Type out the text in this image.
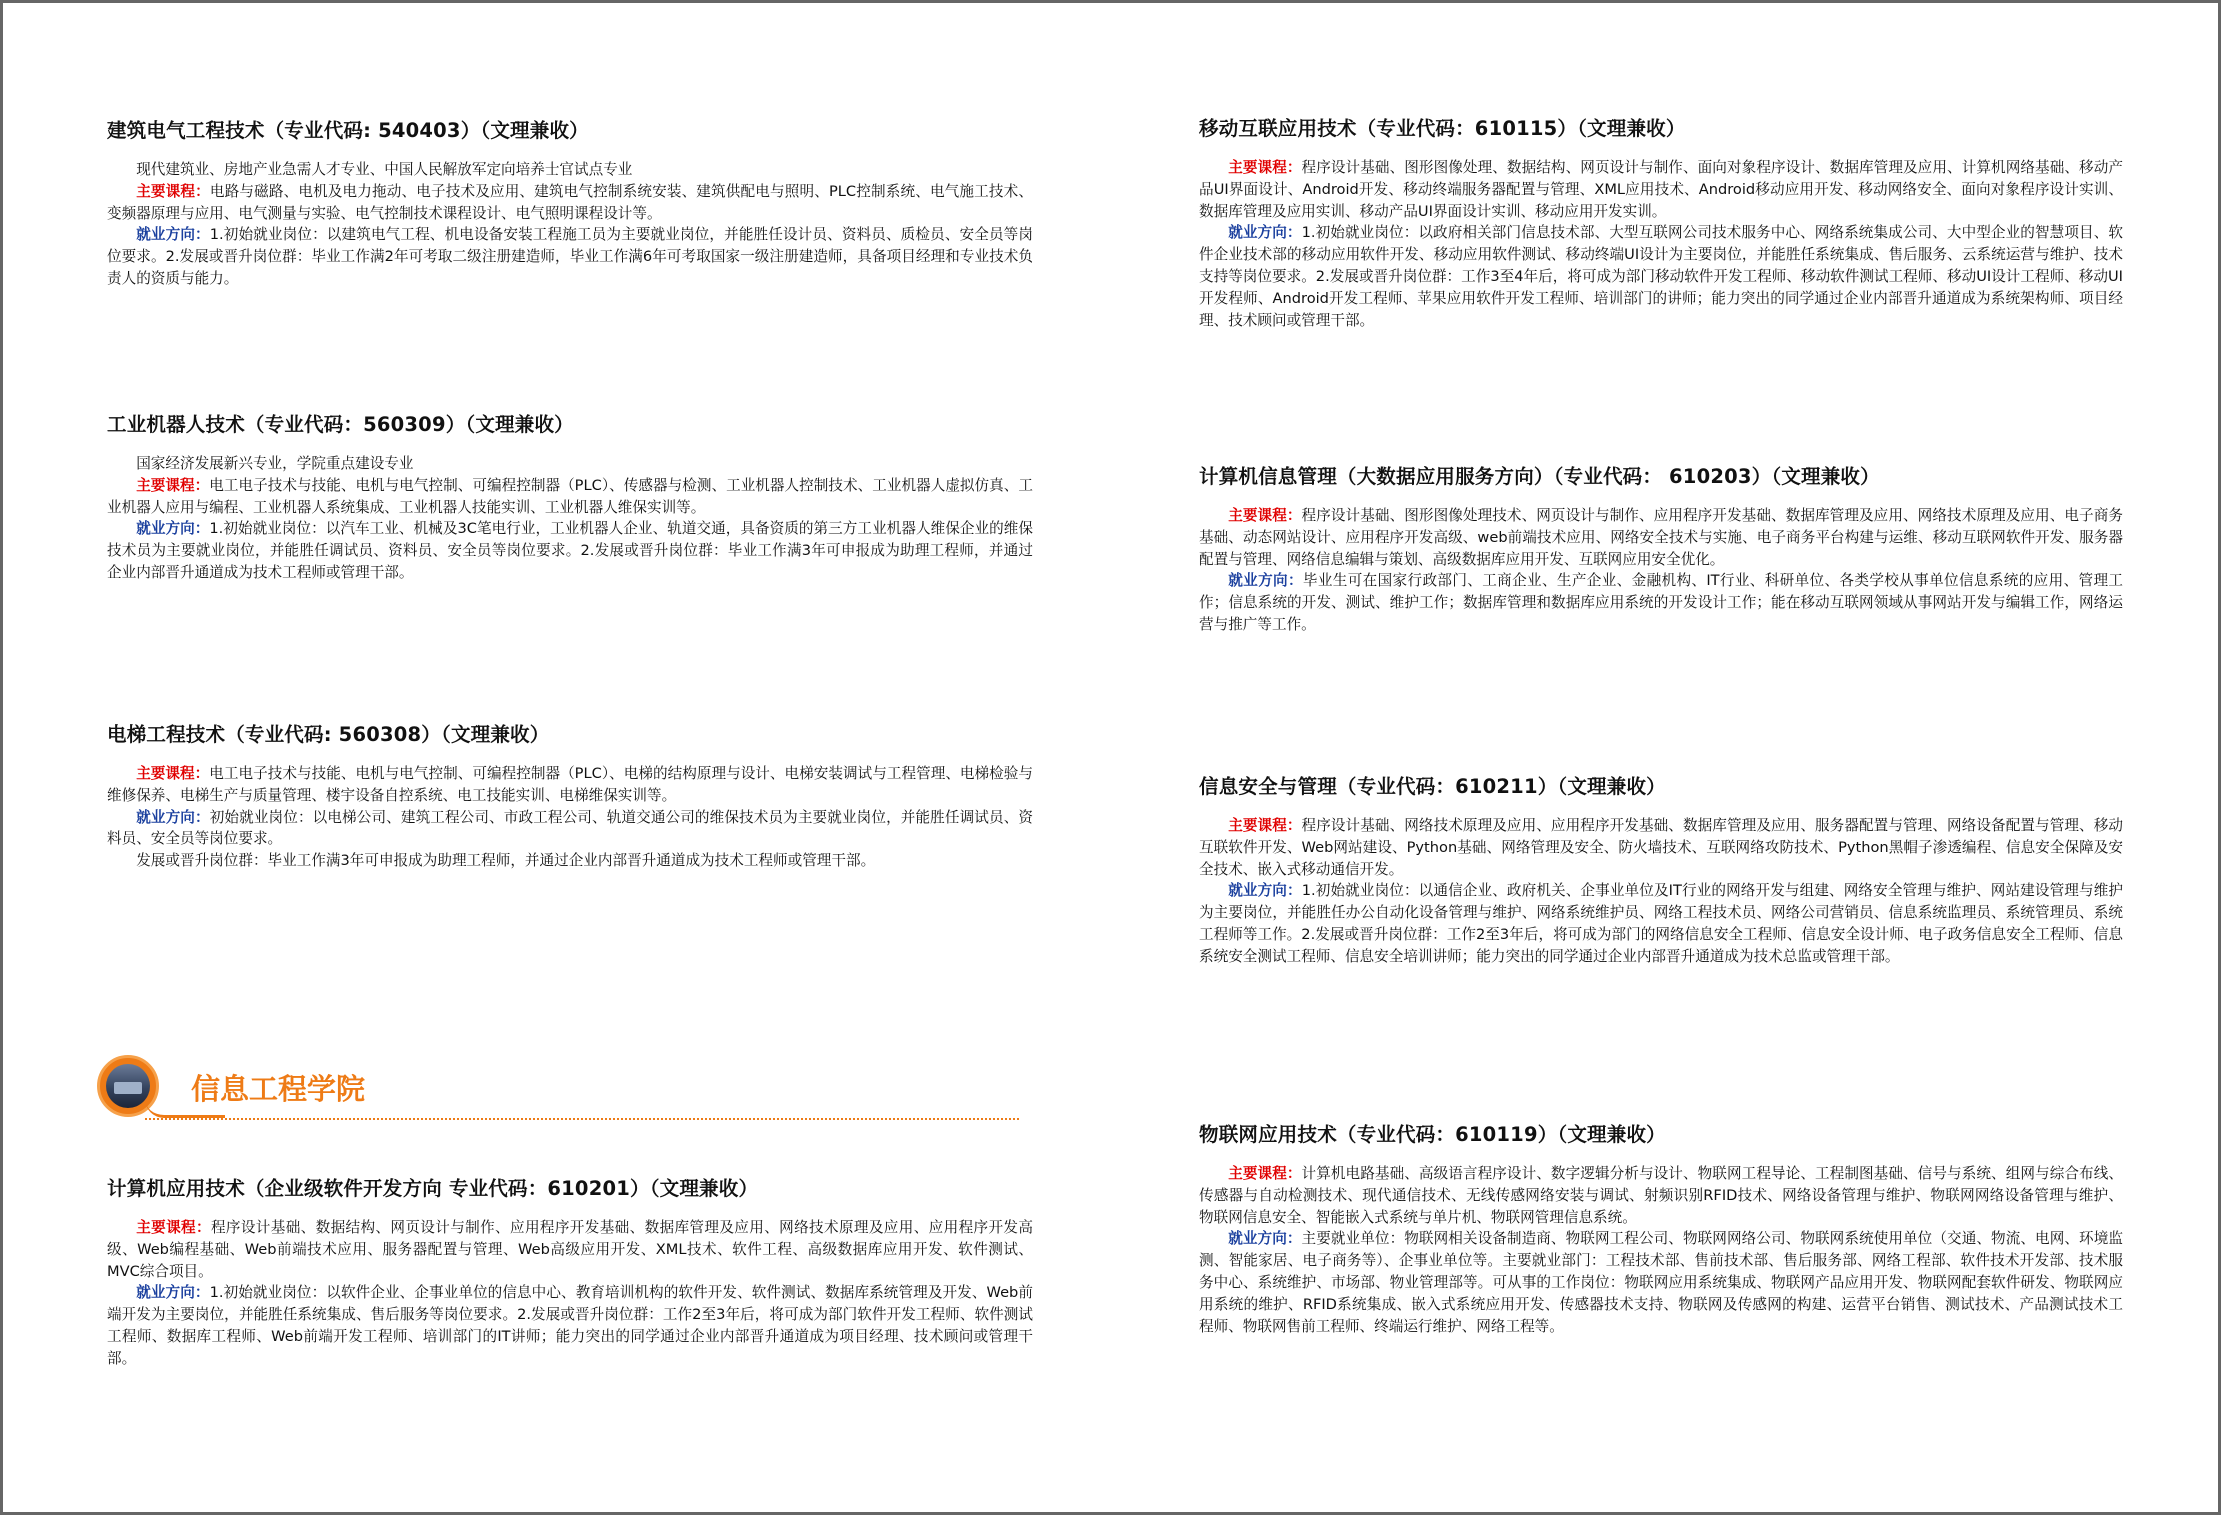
建筑电气工程技术（专业代码: 540403）（文理兼收）

现代建筑业、房地产业急需人才专业、中国人民解放军定向培养士官试点专业

主要课程：电路与磁路、电机及电力拖动、电子技术及应用、建筑电气控制系统安装、建筑供配电与照明、PLC控制系统、电气施工技术、变频器原理与应用、电气测量与实验、电气控制技术课程设计、电气照明课程设计等。

就业方向：1.初始就业岗位：以建筑电气工程、机电设备安装工程施工员为主要就业岗位，并能胜任设计员、资料员、质检员、安全员等岗位要求。2.发展或晋升岗位群：毕业工作满2年可考取二级注册建造师，毕业工作满6年可考取国家一级注册建造师，具备项目经理和专业技术负责人的资质与能力。

工业机器人技术（专业代码：560309）（文理兼收）

国家经济发展新兴专业，学院重点建设专业

主要课程：电工电子技术与技能、电机与电气控制、可编程控制器（PLC）、传感器与检测、工业机器人控制技术、工业机器人虚拟仿真、工业机器人应用与编程、工业机器人系统集成、工业机器人技能实训、工业机器人维保实训等。

就业方向：1.初始就业岗位：以汽车工业、机械及3C笔电行业，工业机器人企业、轨道交通，具备资质的第三方工业机器人维保企业的维保技术员为主要就业岗位，并能胜任调试员、资料员、安全员等岗位要求。2.发展或晋升岗位群：毕业工作满3年可申报成为助理工程师，并通过企业内部晋升通道成为技术工程师或管理干部。

电梯工程技术（专业代码: 560308）（文理兼收）

主要课程：电工电子技术与技能、电机与电气控制、可编程控制器（PLC）、电梯的结构原理与设计、电梯安装调试与工程管理、电梯检验与维修保养、电梯生产与质量管理、楼宇设备自控系统、电工技能实训、电梯维保实训等。

就业方向：初始就业岗位：以电梯公司、建筑工程公司、市政工程公司、轨道交通公司的维保技术员为主要就业岗位，并能胜任调试员、资料员、安全员等岗位要求。

发展或晋升岗位群：毕业工作满3年可申报成为助理工程师，并通过企业内部晋升通道成为技术工程师或管理干部。

计算机应用技术（企业级软件开发方向 专业代码：610201）（文理兼收）

主要课程：程序设计基础、数据结构、网页设计与制作、应用程序开发基础、数据库管理及应用、网络技术原理及应用、应用程序开发高级、Web编程基础、Web前端技术应用、服务器配置与管理、Web高级应用开发、XML技术、软件工程、高级数据库应用开发、软件测试、MVC综合项目。

就业方向：1.初始就业岗位：以软件企业、企事业单位的信息中心、教育培训机构的软件开发、软件测试、数据库系统管理及开发、Web前端开发为主要岗位，并能胜任系统集成、售后服务等岗位要求。2.发展或晋升岗位群：工作2至3年后，将可成为部门软件开发工程师、软件测试工程师、数据库工程师、Web前端开发工程师、培训部门的IT讲师；能力突出的同学通过企业内部晋升通道成为项目经理、技术顾问或管理干部。

信息工程学院
移动互联应用技术（专业代码：610115）（文理兼收）

主要课程：程序设计基础、图形图像处理、数据结构、网页设计与制作、面向对象程序设计、数据库管理及应用、计算机网络基础、移动产品UI界面设计、Android开发、移动终端服务器配置与管理、XML应用技术、Android移动应用开发、移动网络安全、面向对象程序设计实训、数据库管理及应用实训、移动产品UI界面设计实训、移动应用开发实训。

就业方向：1.初始就业岗位：以政府相关部门信息技术部、大型互联网公司技术服务中心、网络系统集成公司、大中型企业的智慧项目、软件企业技术部的移动应用软件开发、移动应用软件测试、移动终端UI设计为主要岗位，并能胜任系统集成、售后服务、云系统运营与维护、技术支持等岗位要求。2.发展或晋升岗位群：工作3至4年后，将可成为部门移动软件开发工程师、移动软件测试工程师、移动UI设计工程师、移动UI开发程师、Android开发工程师、苹果应用软件开发工程师、培训部门的讲师；能力突出的同学通过企业内部晋升通道成为系统架构师、项目经理、技术顾问或管理干部。

计算机信息管理（大数据应用服务方向）（专业代码： 610203）（文理兼收）

主要课程：程序设计基础、图形图像处理技术、网页设计与制作、应用程序开发基础、数据库管理及应用、网络技术原理及应用、电子商务基础、动态网站设计、应用程序开发高级、web前端技术应用、网络安全技术与实施、电子商务平台构建与运维、移动互联网软件开发、服务器配置与管理、网络信息编辑与策划、高级数据库应用开发、互联网应用安全优化。

就业方向：毕业生可在国家行政部门、工商企业、生产企业、金融机构、IT行业、科研单位、各类学校从事单位信息系统的应用、管理工作；信息系统的开发、测试、维护工作；数据库管理和数据库应用系统的开发设计工作；能在移动互联网领域从事网站开发与编辑工作，网络运营与推广等工作。

信息安全与管理（专业代码：610211）（文理兼收）

主要课程：程序设计基础、网络技术原理及应用、应用程序开发基础、数据库管理及应用、服务器配置与管理、网络设备配置与管理、移动互联软件开发、Web网站建设、Python基础、网络管理及安全、防火墙技术、互联网络攻防技术、Python黑帽子渗透编程、信息安全保障及安全技术、嵌入式移动通信开发。

就业方向：1.初始就业岗位：以通信企业、政府机关、企事业单位及IT行业的网络开发与组建、网络安全管理与维护、网站建设管理与维护为主要岗位，并能胜任办公自动化设备管理与维护、网络系统维护员、网络工程技术员、网络公司营销员、信息系统监理员、系统管理员、系统工程师等工作。2.发展或晋升岗位群：工作2至3年后，将可成为部门的网络信息安全工程师、信息安全设计师、电子政务信息安全工程师、信息系统安全测试工程师、信息安全培训讲师；能力突出的同学通过企业内部晋升通道成为技术总监或管理干部。

物联网应用技术（专业代码：610119）（文理兼收）

主要课程：计算机电路基础、高级语言程序设计、数字逻辑分析与设计、物联网工程导论、工程制图基础、信号与系统、组网与综合布线、传感器与自动检测技术、现代通信技术、无线传感网络安装与调试、射频识别RFID技术、网络设备管理与维护、物联网网络设备管理与维护、物联网信息安全、智能嵌入式系统与单片机、物联网管理信息系统。

就业方向：主要就业单位：物联网相关设备制造商、物联网工程公司、物联网网络公司、物联网系统使用单位（交通、物流、电网、环境监测、智能家居、电子商务等）、企事业单位等。主要就业部门：工程技术部、售前技术部、售后服务部、网络工程部、软件技术开发部、技术服务中心、系统维护、市场部、物业管理部等。可从事的工作岗位：物联网应用系统集成、物联网产品应用开发、物联网配套软件研发、物联网应用系统的维护、RFID系统集成、嵌入式系统应用开发、传感器技术支持、物联网及传感网的构建、运营平台销售、测试技术、产品测试技术工程师、物联网售前工程师、终端运行维护、网络工程等。
